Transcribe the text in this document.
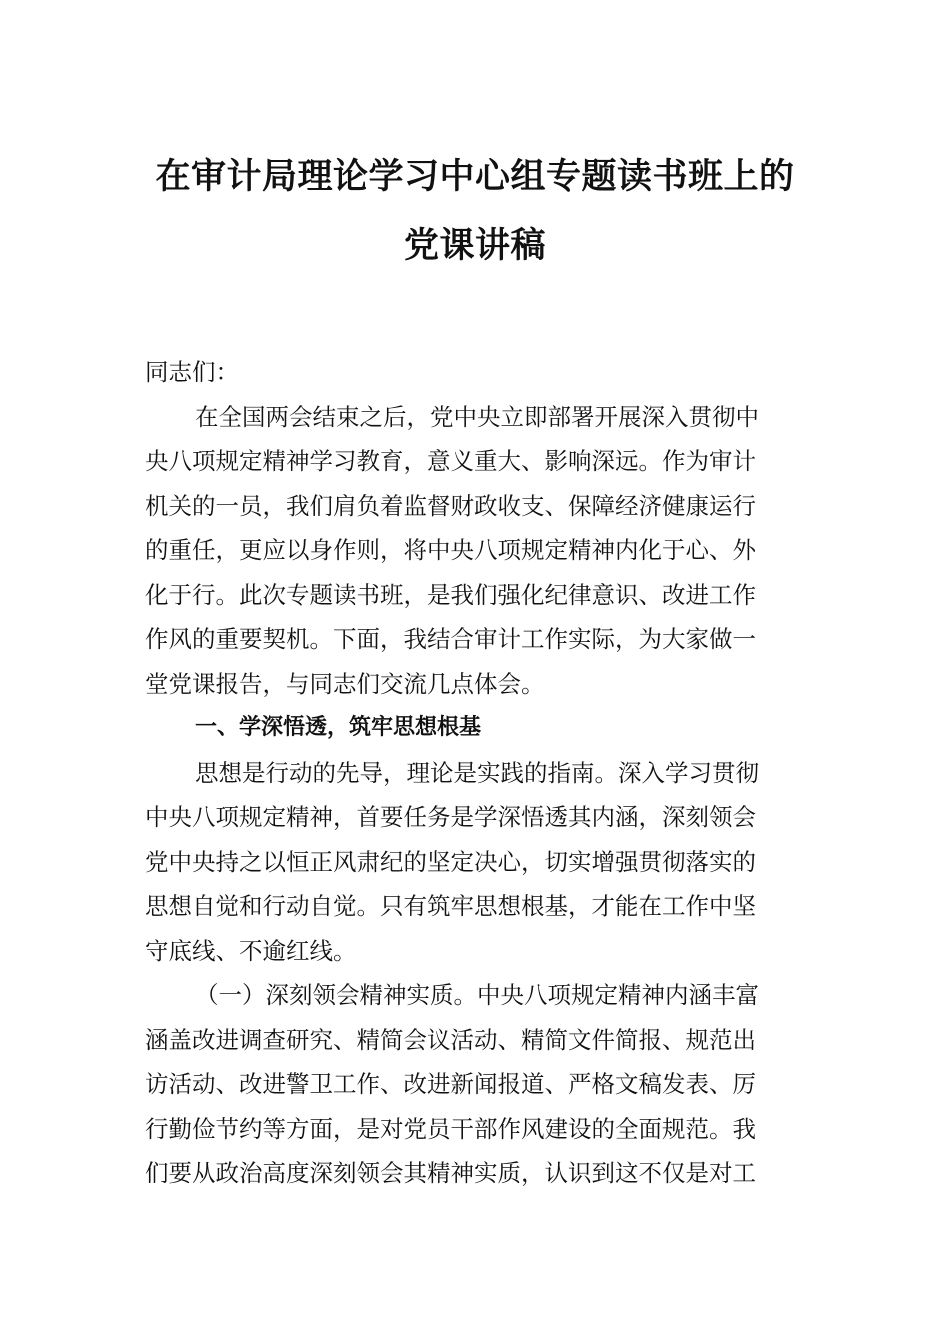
在审计局理论学习中心组专题读书班上的
党课讲稿
同志们：
在全国两会结束之后，党中央立即部署开展深入贯彻中
央八项规定精神学习教育，意义重大、影响深远。作为审计
机关的一员，我们肩负着监督财政收支、保障经济健康运行
的重任，更应以身作则，将中央八项规定精神内化于心、外
化于行。此次专题读书班，是我们强化纪律意识、改进工作
作风的重要契机。下面，我结合审计工作实际，为大家做一
堂党课报告，与同志们交流几点体会。
一、学深悟透，筑牢思想根基
思想是行动的先导，理论是实践的指南。深入学习贯彻
中央八项规定精神，首要任务是学深悟透其内涵，深刻领会
党中央持之以恒正风肃纪的坚定决心，切实增强贯彻落实的
思想自觉和行动自觉。只有筑牢思想根基，才能在工作中坚
守底线、不逾红线。
（一）深刻领会精神实质。中央八项规定精神内涵丰富
涵盖改进调查研究、精简会议活动、精简文件简报、规范出
访活动、改进警卫工作、改进新闻报道、严格文稿发表、厉
行勤俭节约等方面，是对党员干部作风建设的全面规范。我
们要从政治高度深刻领会其精神实质，认识到这不仅是对工
